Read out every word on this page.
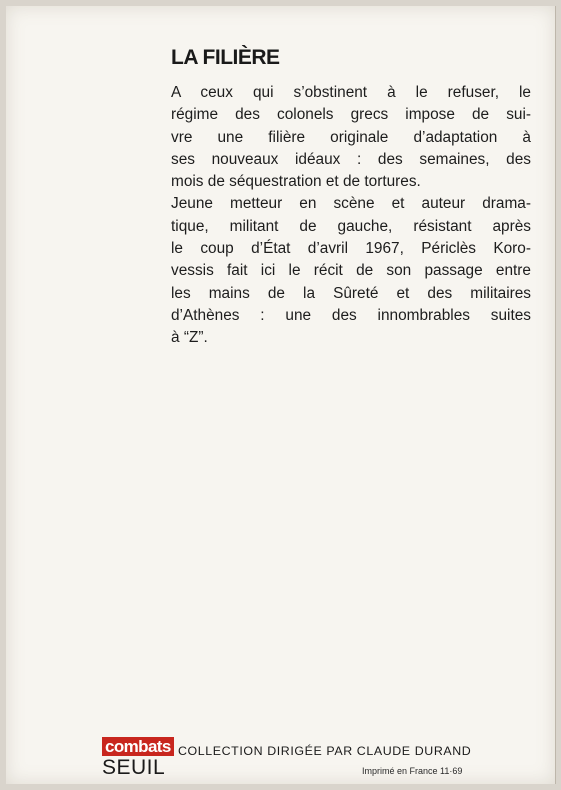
LA FILIÈRE

A ceux qui s’obstinent à le refuser, le
régime des colonels grecs impose de sui-
vre une filière originale d’adaptation à
ses nouveaux idéaux : des semaines, des
mois de séquestration et de tortures.

Jeune metteur en scène et auteur drama-
tique, militant de gauche, résistant après
le coup d’État d’avril 1967, Périclès Koro-
vessis fait ici le récit de son passage entre
les mains de la Sûreté et des militaires
d’Athènes : une des innombrables suites
à “Z”.

combats
SEUIL
COLLECTION DIRIGÉE PAR CLAUDE DURAND
Imprimé en France 11·69
